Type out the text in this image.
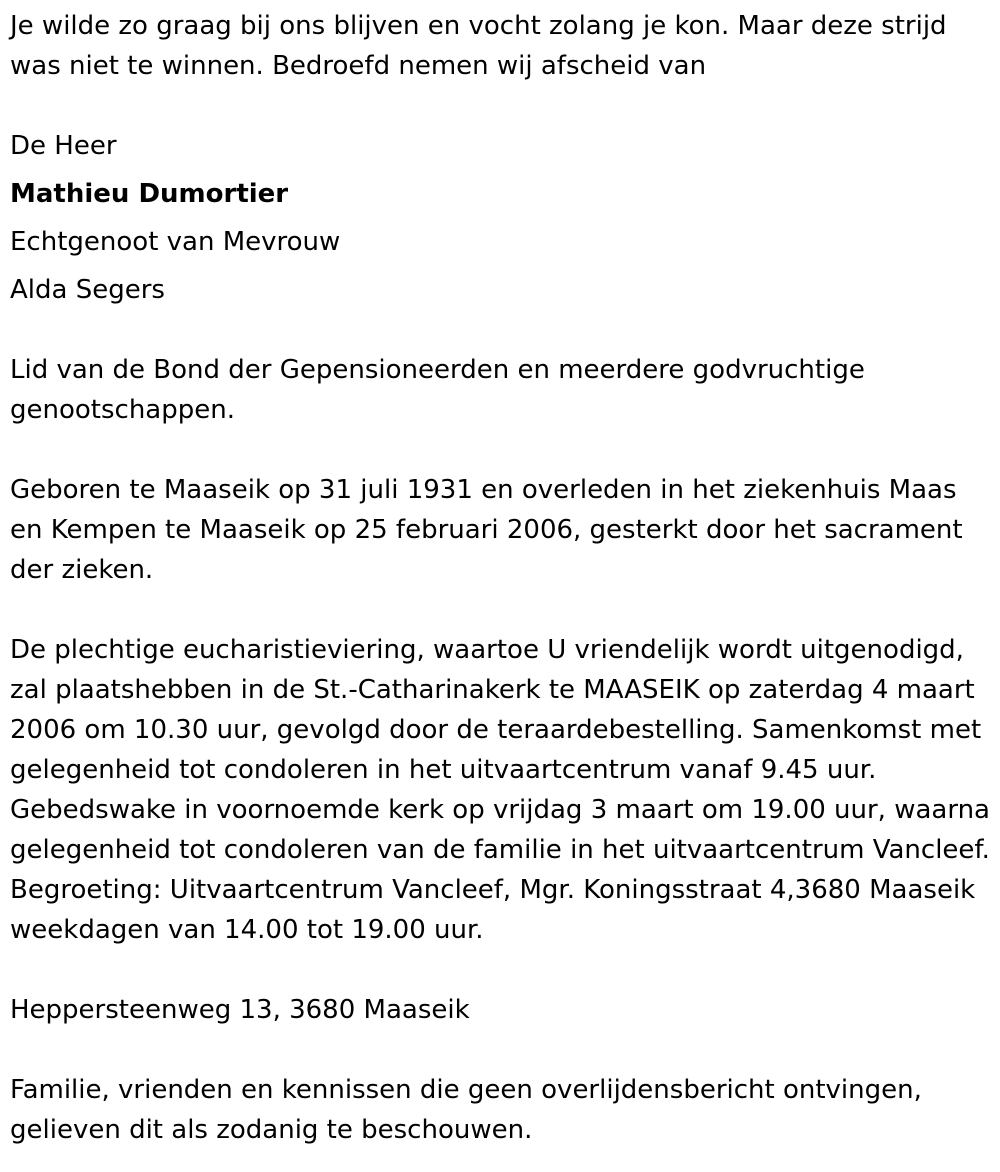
Je wilde zo graag bij ons blijven en vocht zolang je kon. Maar deze strijd was niet te winnen. Bedroefd nemen wij afscheid van

De Heer

Mathieu Dumortier

Echtgenoot van Mevrouw

Alda Segers

Lid van de Bond der Gepensioneerden en meerdere godvruchtige genootschappen.

Geboren te Maaseik op 31 juli 1931 en overleden in het ziekenhuis Maas en Kempen te Maaseik op 25 februari 2006, gesterkt door het sacrament der zieken.

De plechtige eucharistieviering, waartoe U vriendelijk wordt uitgenodigd, zal plaatshebben in de St.-Catharinakerk te MAASEIK op zaterdag 4 maart 2006 om 10.30 uur, gevolgd door de teraardebestelling. Samenkomst met gelegenheid tot condoleren in het uitvaartcentrum vanaf 9.45 uur. Gebedswake in voornoemde kerk op vrijdag 3 maart om 19.00 uur, waarna gelegenheid tot condoleren van de familie in het uitvaartcentrum Vancleef. Begroeting: Uitvaartcentrum Vancleef, Mgr. Koningsstraat 4,3680 Maaseik weekdagen van 14.00 tot 19.00 uur.

Heppersteenweg 13, 3680 Maaseik

Familie, vrienden en kennissen die geen overlijdensbericht ontvingen, gelieven dit als zodanig te beschouwen.
